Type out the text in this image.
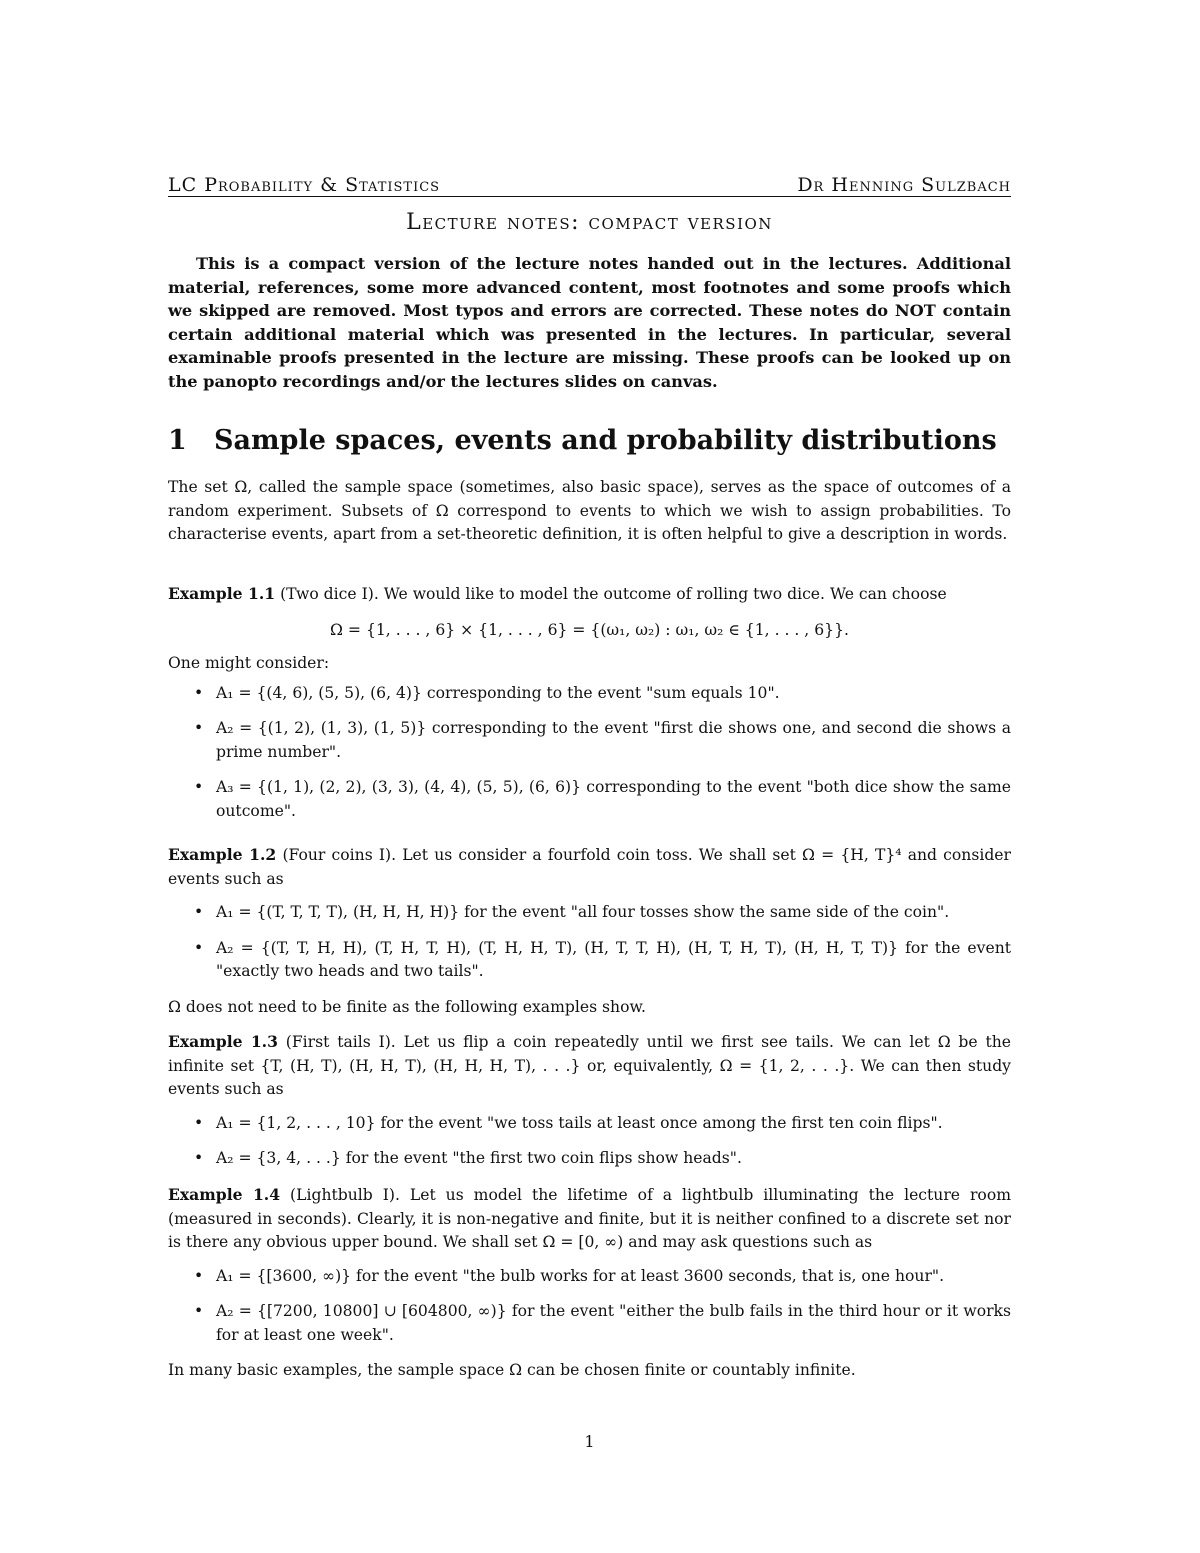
LC Probability & Statistics	Dr Henning Sulzbach
Lecture notes: compact version
This is a compact version of the lecture notes handed out in the lectures. Additional material, references, some more advanced content, most footnotes and some proofs which we skipped are removed. Most typos and errors are corrected. These notes do NOT contain certain additional material which was presented in the lectures. In particular, several examinable proofs presented in the lecture are missing. These proofs can be looked up on the panopto recordings and/or the lectures slides on canvas.
1 Sample spaces, events and probability distributions
The set Ω, called the sample space (sometimes, also basic space), serves as the space of outcomes of a random experiment. Subsets of Ω correspond to events to which we wish to assign probabilities. To characterise events, apart from a set-theoretic definition, it is often helpful to give a description in words.
Example 1.1 (Two dice I). We would like to model the outcome of rolling two dice. We can choose
Ω = {1, . . . , 6} × {1, . . . , 6} = {(ω₁, ω₂) : ω₁, ω₂ ∈ {1, . . . , 6}}.
One might consider:
• A₁ = {(4, 6), (5, 5), (6, 4)} corresponding to the event "sum equals 10".
• A₂ = {(1, 2), (1, 3), (1, 5)} corresponding to the event "first die shows one, and second die shows a prime number".
• A₃ = {(1, 1), (2, 2), (3, 3), (4, 4), (5, 5), (6, 6)} corresponding to the event "both dice show the same outcome".
Example 1.2 (Four coins I). Let us consider a fourfold coin toss. We shall set Ω = {H, T}⁴ and consider events such as
• A₁ = {(T, T, T, T), (H, H, H, H)} for the event "all four tosses show the same side of the coin".
• A₂ = {(T, T, H, H), (T, H, T, H), (T, H, H, T), (H, T, T, H), (H, T, H, T), (H, H, T, T)} for the event "exactly two heads and two tails".
Ω does not need to be finite as the following examples show.
Example 1.3 (First tails I). Let us flip a coin repeatedly until we first see tails. We can let Ω be the infinite set {T, (H, T), (H, H, T), (H, H, H, T), . . .} or, equivalently, Ω = {1, 2, . . .}. We can then study events such as
• A₁ = {1, 2, . . . , 10} for the event "we toss tails at least once among the first ten coin flips".
• A₂ = {3, 4, . . .} for the event "the first two coin flips show heads".
Example 1.4 (Lightbulb I). Let us model the lifetime of a lightbulb illuminating the lecture room (measured in seconds). Clearly, it is non-negative and finite, but it is neither confined to a discrete set nor is there any obvious upper bound. We shall set Ω = [0, ∞) and may ask questions such as
• A₁ = {[3600, ∞)} for the event "the bulb works for at least 3600 seconds, that is, one hour".
• A₂ = {[7200, 10800] ∪ [604800, ∞)} for the event "either the bulb fails in the third hour or it works for at least one week".
In many basic examples, the sample space Ω can be chosen finite or countably infinite.
1
